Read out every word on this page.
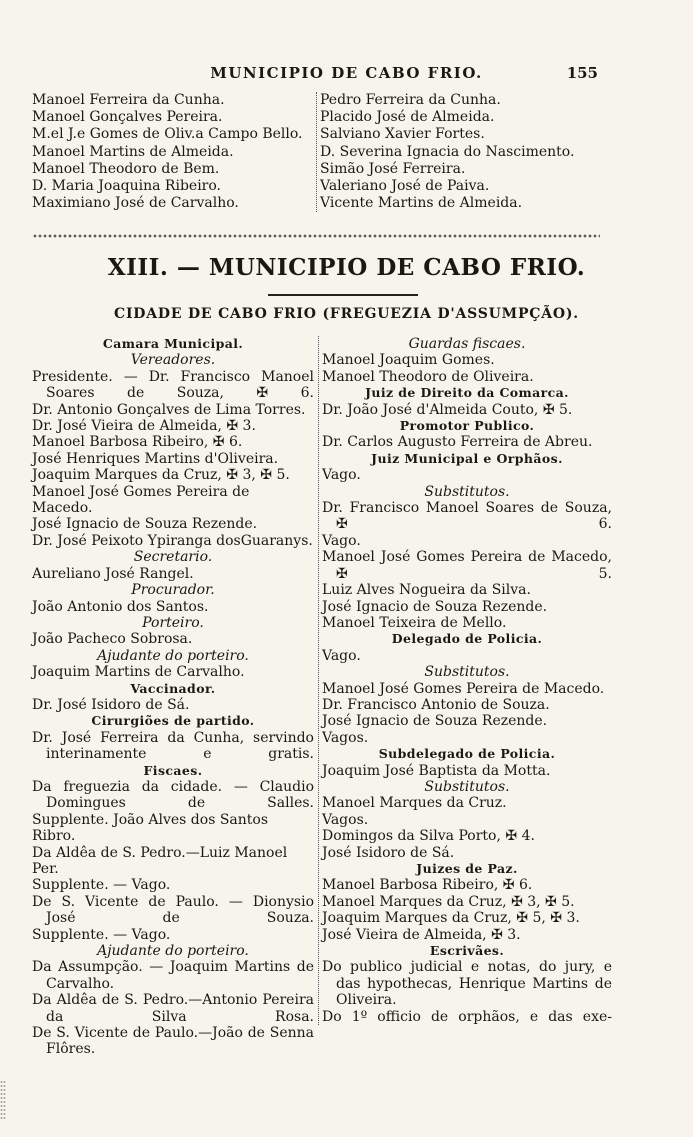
MUNICIPIO DE CABO FRIO.	155
Manoel Ferreira da Cunha.
Manoel Gonçalves Pereira.
M.el J.e Gomes de Oliv.a Campo Bello.
Manoel Martins de Almeida.
Manoel Theodoro de Bem.
D. Maria Joaquina Ribeiro.
Maximiano José de Carvalho.
Pedro Ferreira da Cunha.
Placido José de Almeida.
Salviano Xavier Fortes.
D. Severina Ignacia do Nascimento.
Simão José Ferreira.
Valeriano José de Paiva.
Vicente Martins de Almeida.
XIII. — MUNICIPIO DE CABO FRIO.
CIDADE DE CABO FRIO (FREGUEZIA D'ASSUMPÇÃO).
Camara Municipal.
Vereadores.
Presidente. — Dr. Francisco Manoel Soares de Souza, ✠ 6.
Dr. Antonio Gonçalves de Lima Torres.
Dr. José Vieira de Almeida, ✠ 3.
Manoel Barbosa Ribeiro, ✠ 6.
José Henriques Martins d'Oliveira.
Joaquim Marques da Cruz, ✠ 3, ✠ 5.
Manoel José Gomes Pereira de Macedo.
José Ignacio de Souza Rezende.
Dr. José Peixoto Ypiranga dosGuaranys.
Secretario.
Aureliano José Rangel.
Procurador.
João Antonio dos Santos.
Porteiro.
João Pacheco Sobrosa.
Ajudante do porteiro.
Joaquim Martins de Carvalho.
Vaccinador.
Dr. José Isidoro de Sá.
Cirurgiões de partido.
Dr. José Ferreira da Cunha, servindo interinamente e gratis.
Fiscaes.
Da freguezia da cidade. — Claudio Domingues de Salles.
Supplente. João Alves dos Santos Ribro.
Da Aldêa de S. Pedro.—Luiz Manoel Per.
Supplente. — Vago.
De S. Vicente de Paulo. — Dionysio José de Souza.
Supplente. — Vago.
Ajudante do porteiro.
Da Assumpção. — Joaquim Martins de Carvalho.
Da Aldêa de S. Pedro.—Antonio Pereira da Silva Rosa.
De S. Vicente de Paulo.—João de Senna Flôres.
Guardas fiscaes.
Manoel Joaquim Gomes.
Manoel Theodoro de Oliveira.
Juiz de Direito da Comarca.
Dr. João José d'Almeida Couto, ✠ 5.
Promotor Publico.
Dr. Carlos Augusto Ferreira de Abreu.
Juiz Municipal e Orphãos.
Vago.
Substitutos.
Dr. Francisco Manoel Soares de Souza, ✠ 6.
Vago.
Manoel José Gomes Pereira de Macedo, ✠ 5.
Luiz Alves Nogueira da Silva.
José Ignacio de Souza Rezende.
Manoel Teixeira de Mello.
Delegado de Policia.
Vago.
Substitutos.
Manoel José Gomes Pereira de Macedo.
Dr. Francisco Antonio de Souza.
José Ignacio de Souza Rezende.
Vagos.
Subdelegado de Policia.
Joaquim José Baptista da Motta.
Substitutos.
Manoel Marques da Cruz.
Vagos.
Domingos da Silva Porto, ✠ 4.
José Isidoro de Sá.
Juizes de Paz.
Manoel Barbosa Ribeiro, ✠ 6.
Manoel Marques da Cruz, ✠ 3, ✠ 5.
Joaquim Marques da Cruz, ✠ 5, ✠ 3.
José Vieira de Almeida, ✠ 3.
Escrivães.
Do publico judicial e notas, do jury, e das hypothecas, Henrique Martins de Oliveira.
Do 1º officio de orphãos, e das exe-
